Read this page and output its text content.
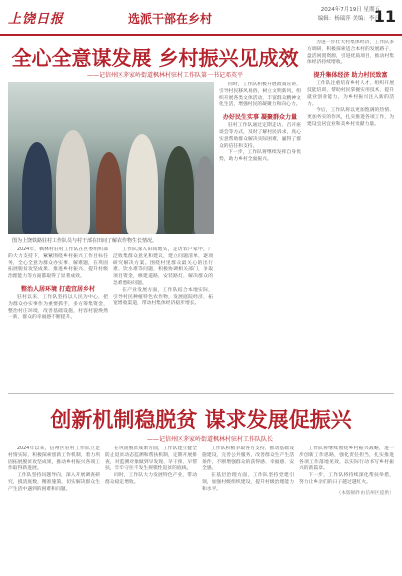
上饶日报	选派干部在乡村
2024年7月19日 星期五
编辑：杨瑞萍 美编：李凡
11
全心全意谋发展 乡村振兴见成效
——记信州区茅家岭街道枫林村驻村工作队第一书记邓英平
图为上饶铁路驻村工作队员与村干部在田间了解农作物生长情况。

2024年，枫林村驻村工作队在区委组织部的大力支持下，紧紧围绕乡村振兴工作目标任务，全心全意为群众办实事、解难题，在巩固拓展脱贫攻坚成果、推进乡村振兴、提升村级治理能力等方面都取得了显著成效。

整治人居环境 打造宜居乡村

驻村以来，工作队坚持以人民为中心，把为群众办实事作为重要抓手，多方筹集资金，整治村庄环境，改善基础设施，村容村貌焕然一新，群众的幸福感不断提升。

工作队深入田间地头，走访农户家中，广泛收集群众意见和建议，建立问题清单，逐项研究解决方案。围绕村里群众最关心的出行难、饮水难等问题，积极协调相关部门，争取项目资金，修建道路，安装路灯，解决群众的急难愁盼问题。

在产业发展方面，工作队结合本地实际，引导村民种植特色农作物，发展庭院经济，拓宽增收渠道，带动村集体经济稳步增长。

同时，工作队积极开展政策宣讲，引导村民移风易俗，树立文明新风，组织开展各类文体活动，丰富群众精神文化生活，增强村民的凝聚力和向心力。

办好民生实事 凝聚群众力量

驻村工作队通过定期走访、召开座谈会等方式，及时了解村民诉求，真心实意帮助群众解决实际困难，赢得了群众的信任和支持。

下一步，工作队将继续发挥自身优势，助力乡村全面振兴。

为进一步壮大村集体经济，工作队多方调研，积极探索适合本村的发展路子，盘活闲置资源，引进优质项目，推动村集体经济持续增收。

提升集体经济 助力村民致富

工作队注重培育乡村人才，组织开展技能培训，帮助村民掌握实用技术，提升就业创业能力，为乡村振兴注入新的活力。

今后，工作队将以更加饱满的热情、更加务实的作风，扎实推进各项工作，为建设宜居宜业和美乡村贡献力量。

创新机制稳脱贫 谋求发展促振兴
——记信州区茅家岭街道枫林村驻村工作队队长

2024年以来，信州区驻村工作队立足村情实际，积极探索创新工作机制，着力巩固拓展脱贫攻坚成果，推动乡村振兴各项工作取得新进展。

工作队坚持问题导向，深入开展调查研究，摸清底数，精准施策，切实解决群众生产生活中遇到的困难和问题。

在巩固脱贫成果方面，工作队建立健全防止返贫动态监测和帮扶机制，定期开展排查，对监测对象做到早发现、早干预、早帮扶，牢牢守住不发生规模性返贫的底线。

同时，工作队大力发展特色产业，带动群众稳定增收。

工作队积极争取各方支持，推动基础设施建设，完善公共服务，改善群众生产生活条件，不断增强群众的获得感、幸福感、安全感。

在基层治理方面，工作队坚持党建引领，加强村级组织建设，提升村级治理能力和水平。

工作队将继续围绕乡村振兴战略，进一步创新工作思路，强化责任担当，扎实推进各项工作落地见效，以实际行动书写乡村振兴的新篇章。

下一步，工作队将持续深化帮扶举措，努力让乡亲们的日子越过越红火。

（本版稿件由信州区提供）
